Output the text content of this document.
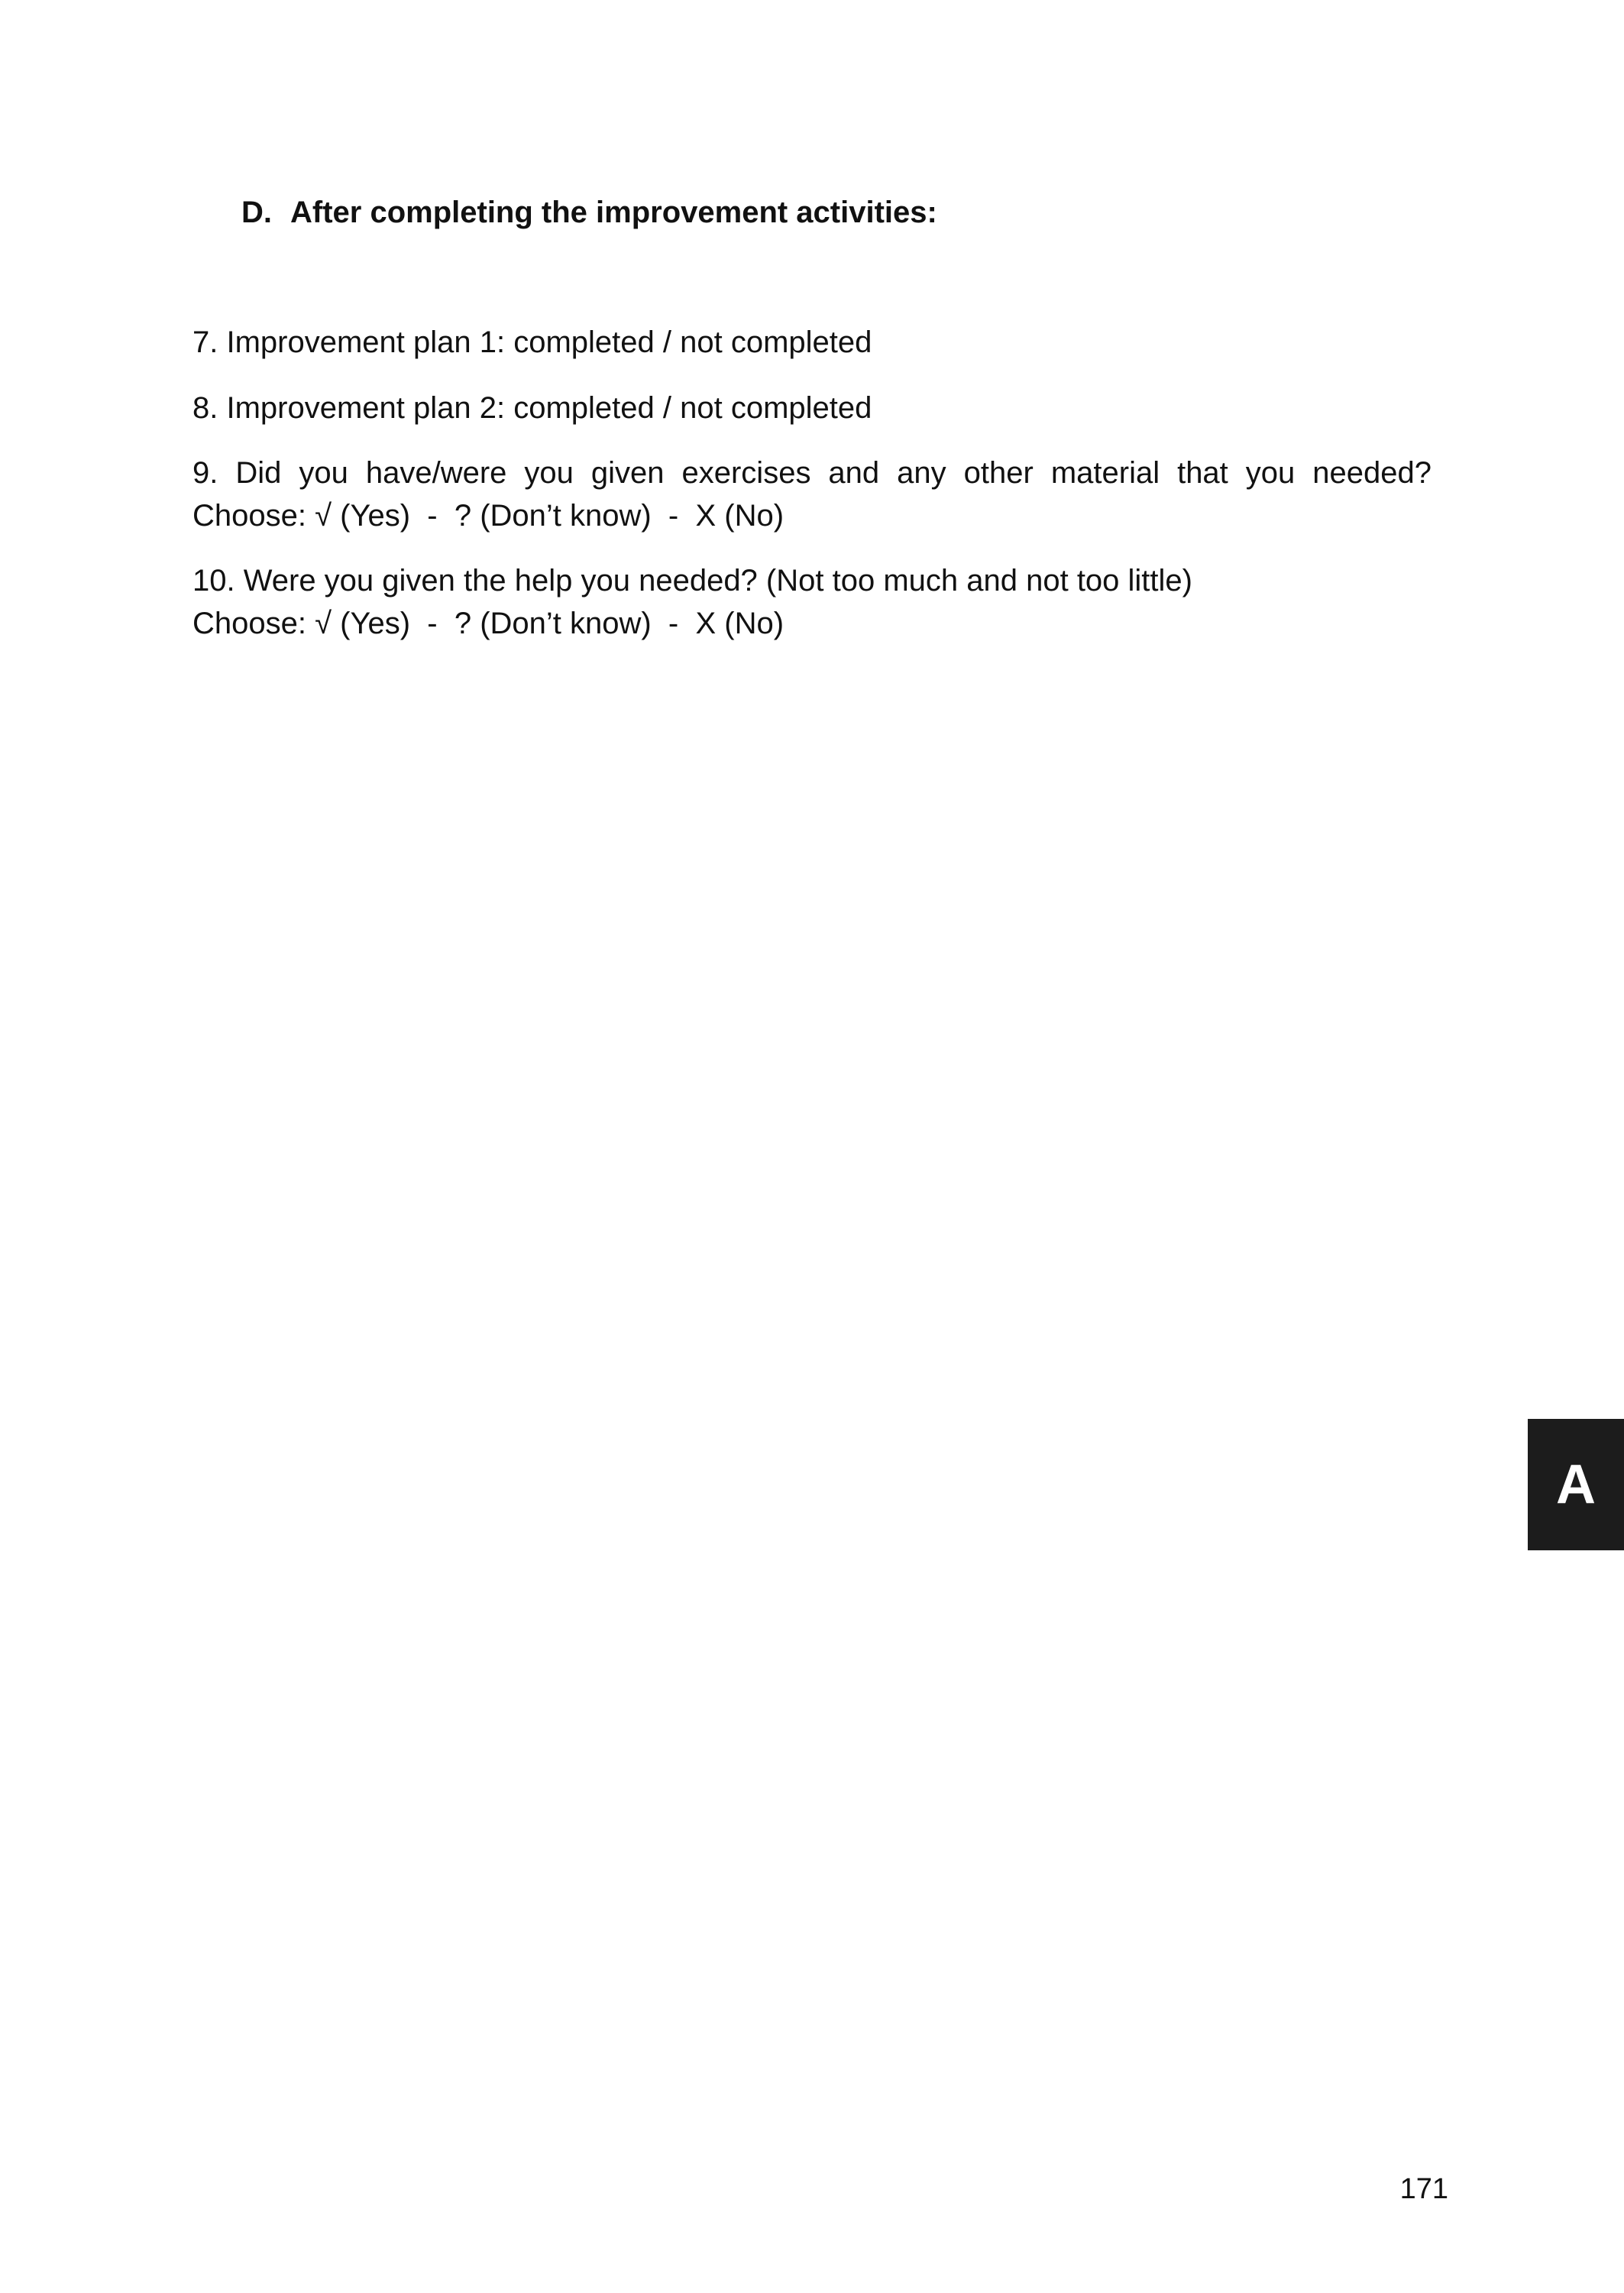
D. After completing the improvement activities:

7. Improvement plan 1: completed / not completed

8. Improvement plan 2: completed / not completed

9. Did you have/were you given exercises and any other material that you needed?
Choose: √ (Yes)  -  ? (Don’t know)  -  X (No)

10. Were you given the help you needed? (Not too much and not too little)
Choose: √ (Yes)  -  ? (Don’t know)  -  X (No)

A
171
